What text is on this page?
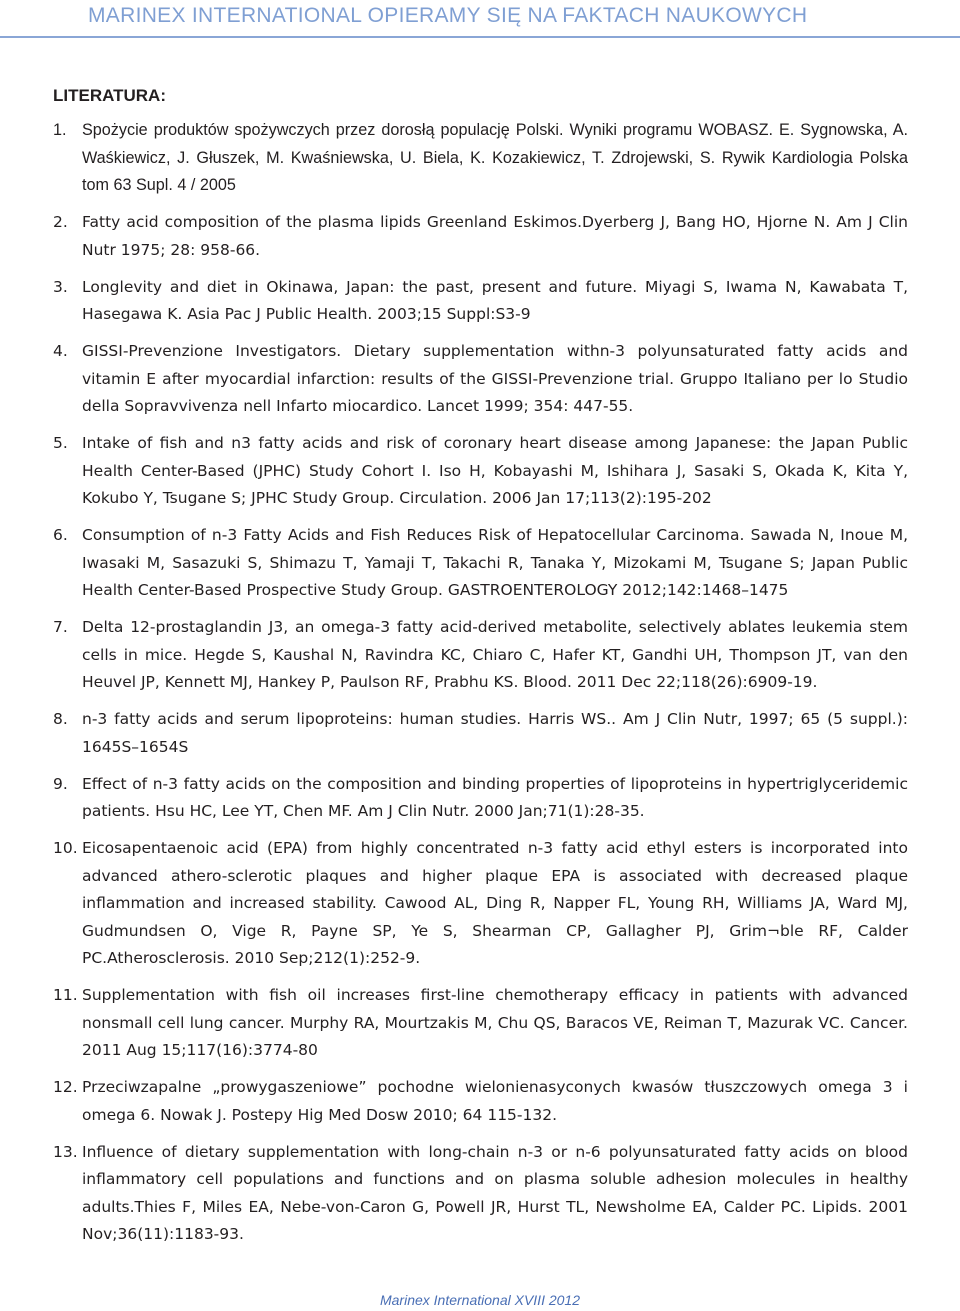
MARINEX INTERNATIONAL OPIERAMY SIĘ NA FAKTACH NAUKOWYCH
LITERATURA:
1. Spożycie produktów spożywczych przez dorosłą populację Polski. Wyniki programu WOBASZ. E. Sygnowska, A. Waśkiewicz, J. Głuszek, M. Kwaśniewska, U. Biela, K. Kozakiewicz, T. Zdrojewski, S. Rywik Kardiologia Polska tom 63 Supl. 4 / 2005
2. Fatty acid composition of the plasma lipids Greenland Eskimos.Dyerberg J, Bang HO, Hjorne N. Am J Clin Nutr 1975; 28: 958-66.
3. Longlevity and diet in Okinawa, Japan: the past, present and future. Miyagi S, Iwama N, Kawabata T, Hasegawa K. Asia Pac J Public Health. 2003;15 Suppl:S3-9
4. GISSI-Prevenzione Investigators. Dietary supplementation withn-3 polyunsaturated fatty acids and vitamin E after myocardial infarction: results of the GISSI-Prevenzione trial. Gruppo Italiano per lo Studio della Sopravvivenza nell Infarto miocardico. Lancet 1999; 354: 447-55.
5. Intake of fish and n3 fatty acids and risk of coronary heart disease among Japanese: the Japan Public Health Center-Based (JPHC) Study Cohort I. Iso H, Kobayashi M, Ishihara J, Sasaki S, Okada K, Kita Y, Kokubo Y, Tsugane S; JPHC Study Group. Circulation. 2006 Jan 17;113(2):195-202
6. Consumption of n-3 Fatty Acids and Fish Reduces Risk of Hepatocellular Carcinoma. Sawada N, Inoue M, Iwasaki M, Sasazuki S, Shimazu T, Yamaji T, Takachi R, Tanaka Y, Mizokami M, Tsugane S; Japan Public Health Center-Based Prospective Study Group. GASTROENTEROLOGY 2012;142:1468–1475
7. Delta 12-prostaglandin J3, an omega-3 fatty acid-derived metabolite, selectively ablates leukemia stem cells in mice. Hegde S, Kaushal N, Ravindra KC, Chiaro C, Hafer KT, Gandhi UH, Thompson JT, van den Heuvel JP, Kennett MJ, Hankey P, Paulson RF, Prabhu KS. Blood. 2011 Dec 22;118(26):6909-19.
8. n-3 fatty acids and serum lipoproteins: human studies. Harris WS.. Am J Clin Nutr, 1997; 65 (5 suppl.): 1645S–1654S
9. Effect of n-3 fatty acids on the composition and binding properties of lipoproteins in hypertriglyceridemic patients. Hsu HC, Lee YT, Chen MF. Am J Clin Nutr. 2000 Jan;71(1):28-35.
10. Eicosapentaenoic acid (EPA) from highly concentrated n-3 fatty acid ethyl esters is incorporated into advanced athero-sclerotic plaques and higher plaque EPA is associated with decreased plaque inflammation and increased stability. Cawood AL, Ding R, Napper FL, Young RH, Williams JA, Ward MJ, Gudmundsen O, Vige R, Payne SP, Ye S, Shearman CP, Gallagher PJ, Grim¬ble RF, Calder PC.Atherosclerosis. 2010 Sep;212(1):252-9.
11. Supplementation with fish oil increases first-line chemotherapy efficacy in patients with advanced nonsmall cell lung cancer. Murphy RA, Mourtzakis M, Chu QS, Baracos VE, Reiman T, Mazurak VC. Cancer. 2011 Aug 15;117(16):3774-80
12. Przeciwzapalne „prowygaszeniowe” pochodne wielonienasyconych kwasów tłuszczowych omega 3 i omega 6. Nowak J. Postepy Hig Med Dosw 2010; 64 115-132.
13. Influence of dietary supplementation with long-chain n-3 or n-6 polyunsaturated fatty acids on blood inflammatory cell populations and functions and on plasma soluble adhesion molecules in healthy adults.Thies F, Miles EA, Nebe-von-Caron G, Powell JR, Hurst TL, Newsholme EA, Calder PC. Lipids. 2001 Nov;36(11):1183-93.
Marinex International XVIII 2012
